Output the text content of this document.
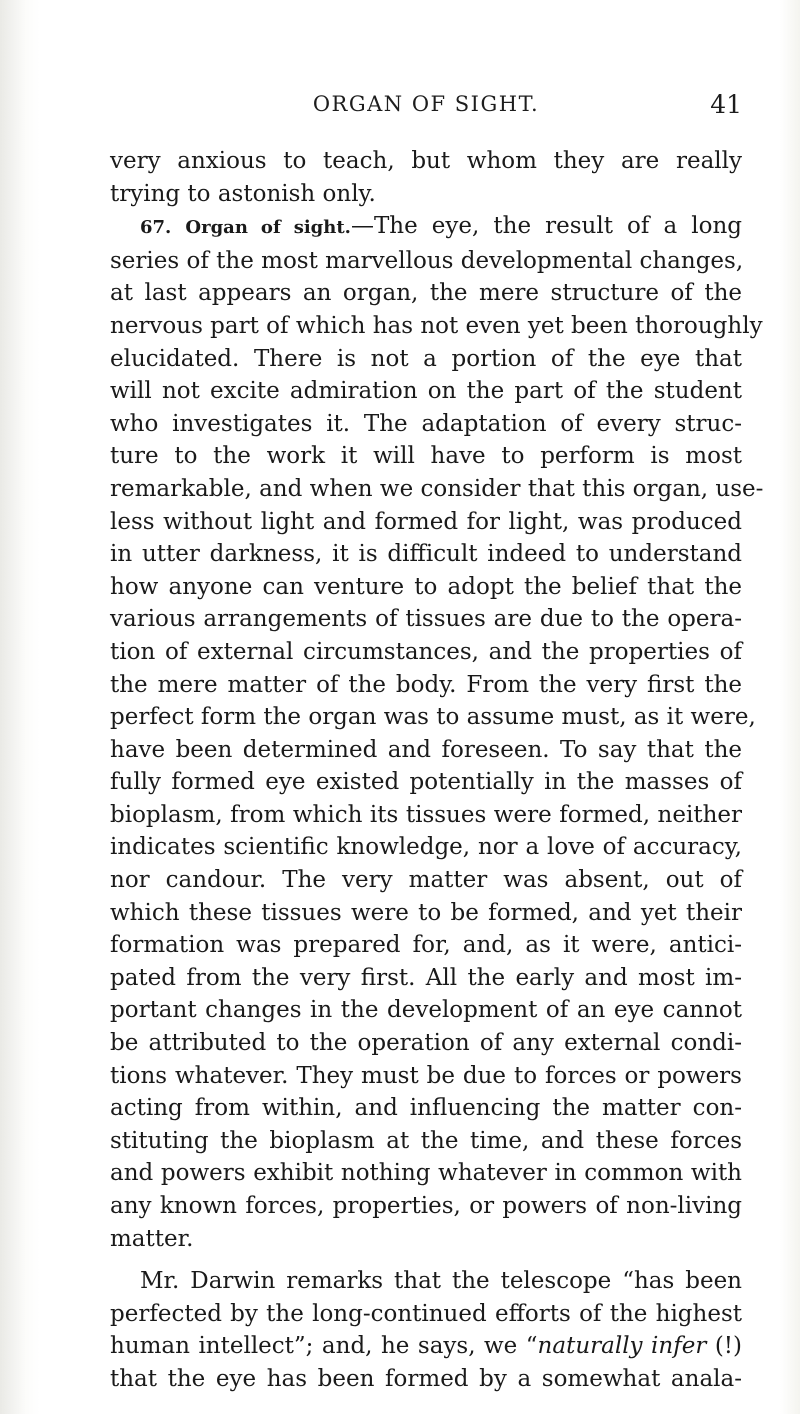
ORGAN OF SIGHT.	41
very anxious to teach, but whom they are really
trying to astonish only.
67. Organ of sight.—The eye, the result of a long
series of the most marvellous developmental changes,
at last appears an organ, the mere structure of the
nervous part of which has not even yet been thoroughly
elucidated. There is not a portion of the eye that
will not excite admiration on the part of the student
who investigates it. The adaptation of every struc-
ture to the work it will have to perform is most
remarkable, and when we consider that this organ, use-
less without light and formed for light, was produced
in utter darkness, it is difficult indeed to understand
how anyone can venture to adopt the belief that the
various arrangements of tissues are due to the opera-
tion of external circumstances, and the properties of
the mere matter of the body. From the very first the
perfect form the organ was to assume must, as it were,
have been determined and foreseen. To say that the
fully formed eye existed potentially in the masses of
bioplasm, from which its tissues were formed, neither
indicates scientific knowledge, nor a love of accuracy,
nor candour. The very matter was absent, out of
which these tissues were to be formed, and yet their
formation was prepared for, and, as it were, antici-
pated from the very first. All the early and most im-
portant changes in the development of an eye cannot
be attributed to the operation of any external condi-
tions whatever. They must be due to forces or powers
acting from within, and influencing the matter con-
stituting the bioplasm at the time, and these forces
and powers exhibit nothing whatever in common with
any known forces, properties, or powers of non-living
matter.
Mr. Darwin remarks that the telescope “has been
perfected by the long-continued efforts of the highest
human intellect”; and, he says, we “naturally infer (!)
that the eye has been formed by a somewhat anala-
